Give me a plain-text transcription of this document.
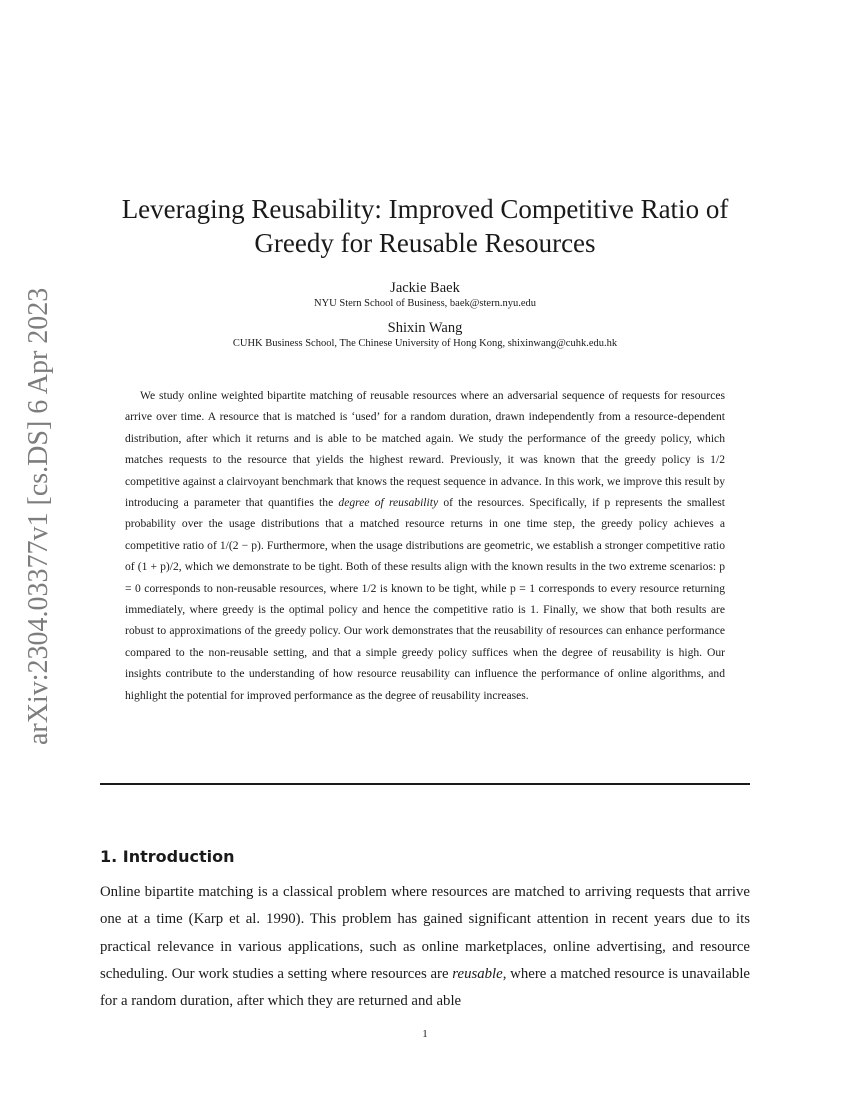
arXiv:2304.03377v1 [cs.DS] 6 Apr 2023
Leveraging Reusability: Improved Competitive Ratio of Greedy for Reusable Resources
Jackie Baek
NYU Stern School of Business, baek@stern.nyu.edu
Shixin Wang
CUHK Business School, The Chinese University of Hong Kong, shixinwang@cuhk.edu.hk

We study online weighted bipartite matching of reusable resources where an adversarial sequence of requests for resources arrive over time. A resource that is matched is ‘used’ for a random duration, drawn independently from a resource-dependent distribution, after which it returns and is able to be matched again. We study the performance of the greedy policy, which matches requests to the resource that yields the highest reward. Previously, it was known that the greedy policy is 1/2 competitive against a clairvoyant benchmark that knows the request sequence in advance. In this work, we improve this result by introducing a parameter that quantifies the degree of reusability of the resources. Specifically, if p represents the smallest probability over the usage distributions that a matched resource returns in one time step, the greedy policy achieves a competitive ratio of 1/(2 − p). Furthermore, when the usage distributions are geometric, we establish a stronger competitive ratio of (1 + p)/2, which we demonstrate to be tight. Both of these results align with the known results in the two extreme scenarios: p = 0 corresponds to non-reusable resources, where 1/2 is known to be tight, while p = 1 corresponds to every resource returning immediately, where greedy is the optimal policy and hence the competitive ratio is 1. Finally, we show that both results are robust to approximations of the greedy policy. Our work demonstrates that the reusability of resources can enhance performance compared to the non-reusable setting, and that a simple greedy policy suffices when the degree of reusability is high. Our insights contribute to the understanding of how resource reusability can influence the performance of online algorithms, and highlight the potential for improved performance as the degree of reusability increases.

1. Introduction

Online bipartite matching is a classical problem where resources are matched to arriving requests that arrive one at a time (Karp et al. 1990). This problem has gained significant attention in recent years due to its practical relevance in various applications, such as online marketplaces, online advertising, and resource scheduling. Our work studies a setting where resources are reusable, where a matched resource is unavailable for a random duration, after which they are returned and able

1
